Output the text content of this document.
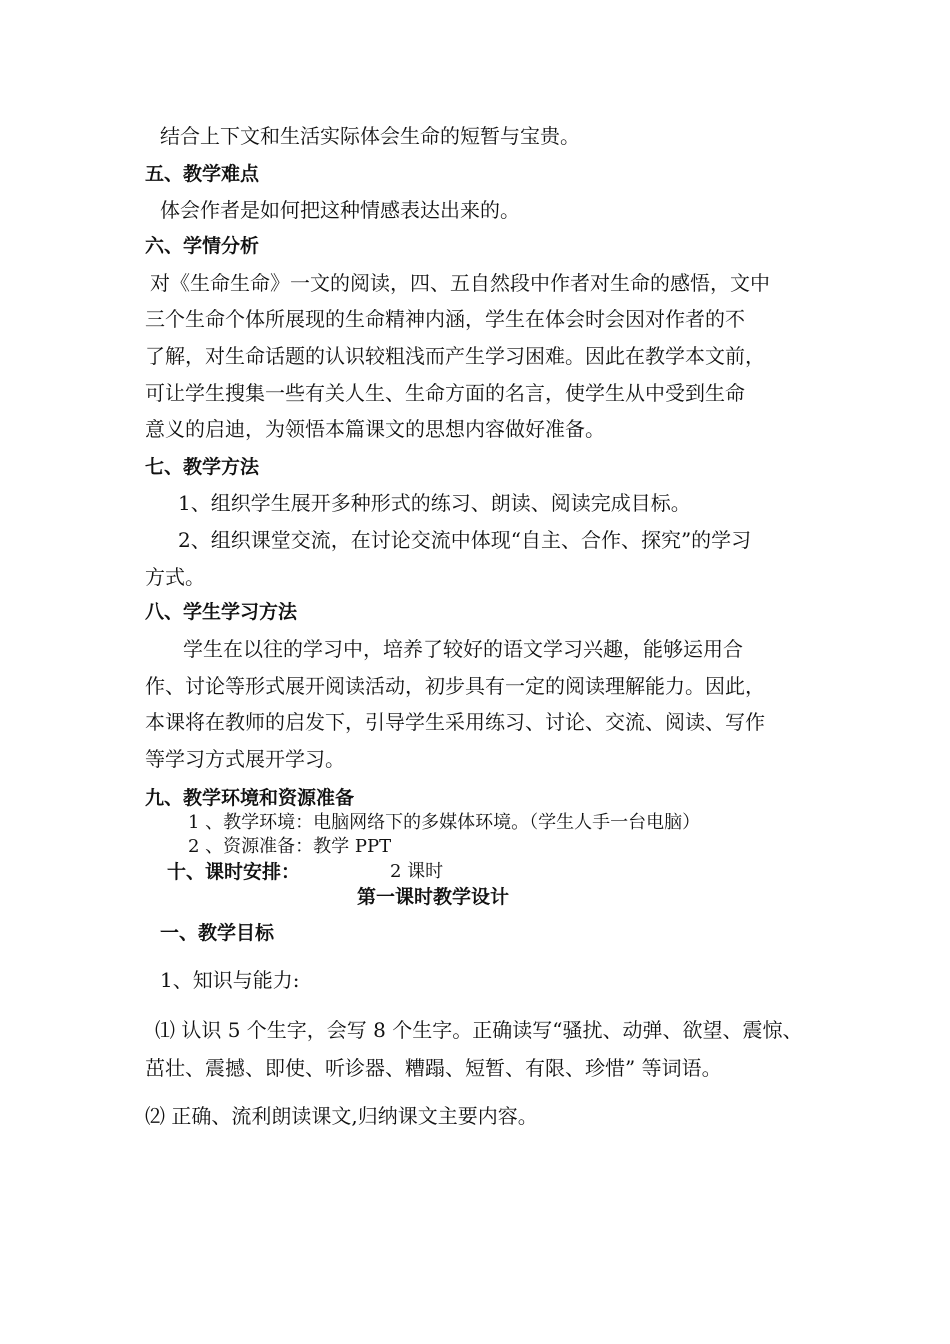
结合上下文和生活实际体会生命的短暂与宝贵。
五、教学难点
体会作者是如何把这种情感表达出来的。
六、学情分析
对《生命生命》一文的阅读，四、五自然段中作者对生命的感悟，文中
三个生命个体所展现的生命精神内涵，学生在体会时会因对作者的不
了解，对生命话题的认识较粗浅而产生学习困难。因此在教学本文前，
可让学生搜集一些有关人生、生命方面的名言，使学生从中受到生命
意义的启迪，为领悟本篇课文的思想内容做好准备。
七、教学方法
1、组织学生展开多种形式的练习、朗读、阅读完成目标。
2、组织课堂交流，在讨论交流中体现“自主、合作、探究”的学习
方式。
八、学生学习方法
学生在以往的学习中，培养了较好的语文学习兴趣，能够运用合
作、讨论等形式展开阅读活动，初步具有一定的阅读理解能力。因此，
本课将在教师的启发下，引导学生采用练习、讨论、交流、阅读、写作
等学习方式展开学习。
九、教学环境和资源准备
1 、教学环境：电脑网络下的多媒体环境。（学生人手一台电脑）
2 、资源准备：教学 PPT
十、课时安排：	2 课时
第一课时教学设计
一、教学目标
1、知识与能力:
⑴ 认识 5 个生字，会写 8 个生字。正确读写“骚扰、动弹、欲望、震惊、
茁壮、震撼、即使、听诊器、糟蹋、短暂、有限、珍惜” 等词语。
⑵ 正确、流利朗读课文,归纳课文主要内容。
